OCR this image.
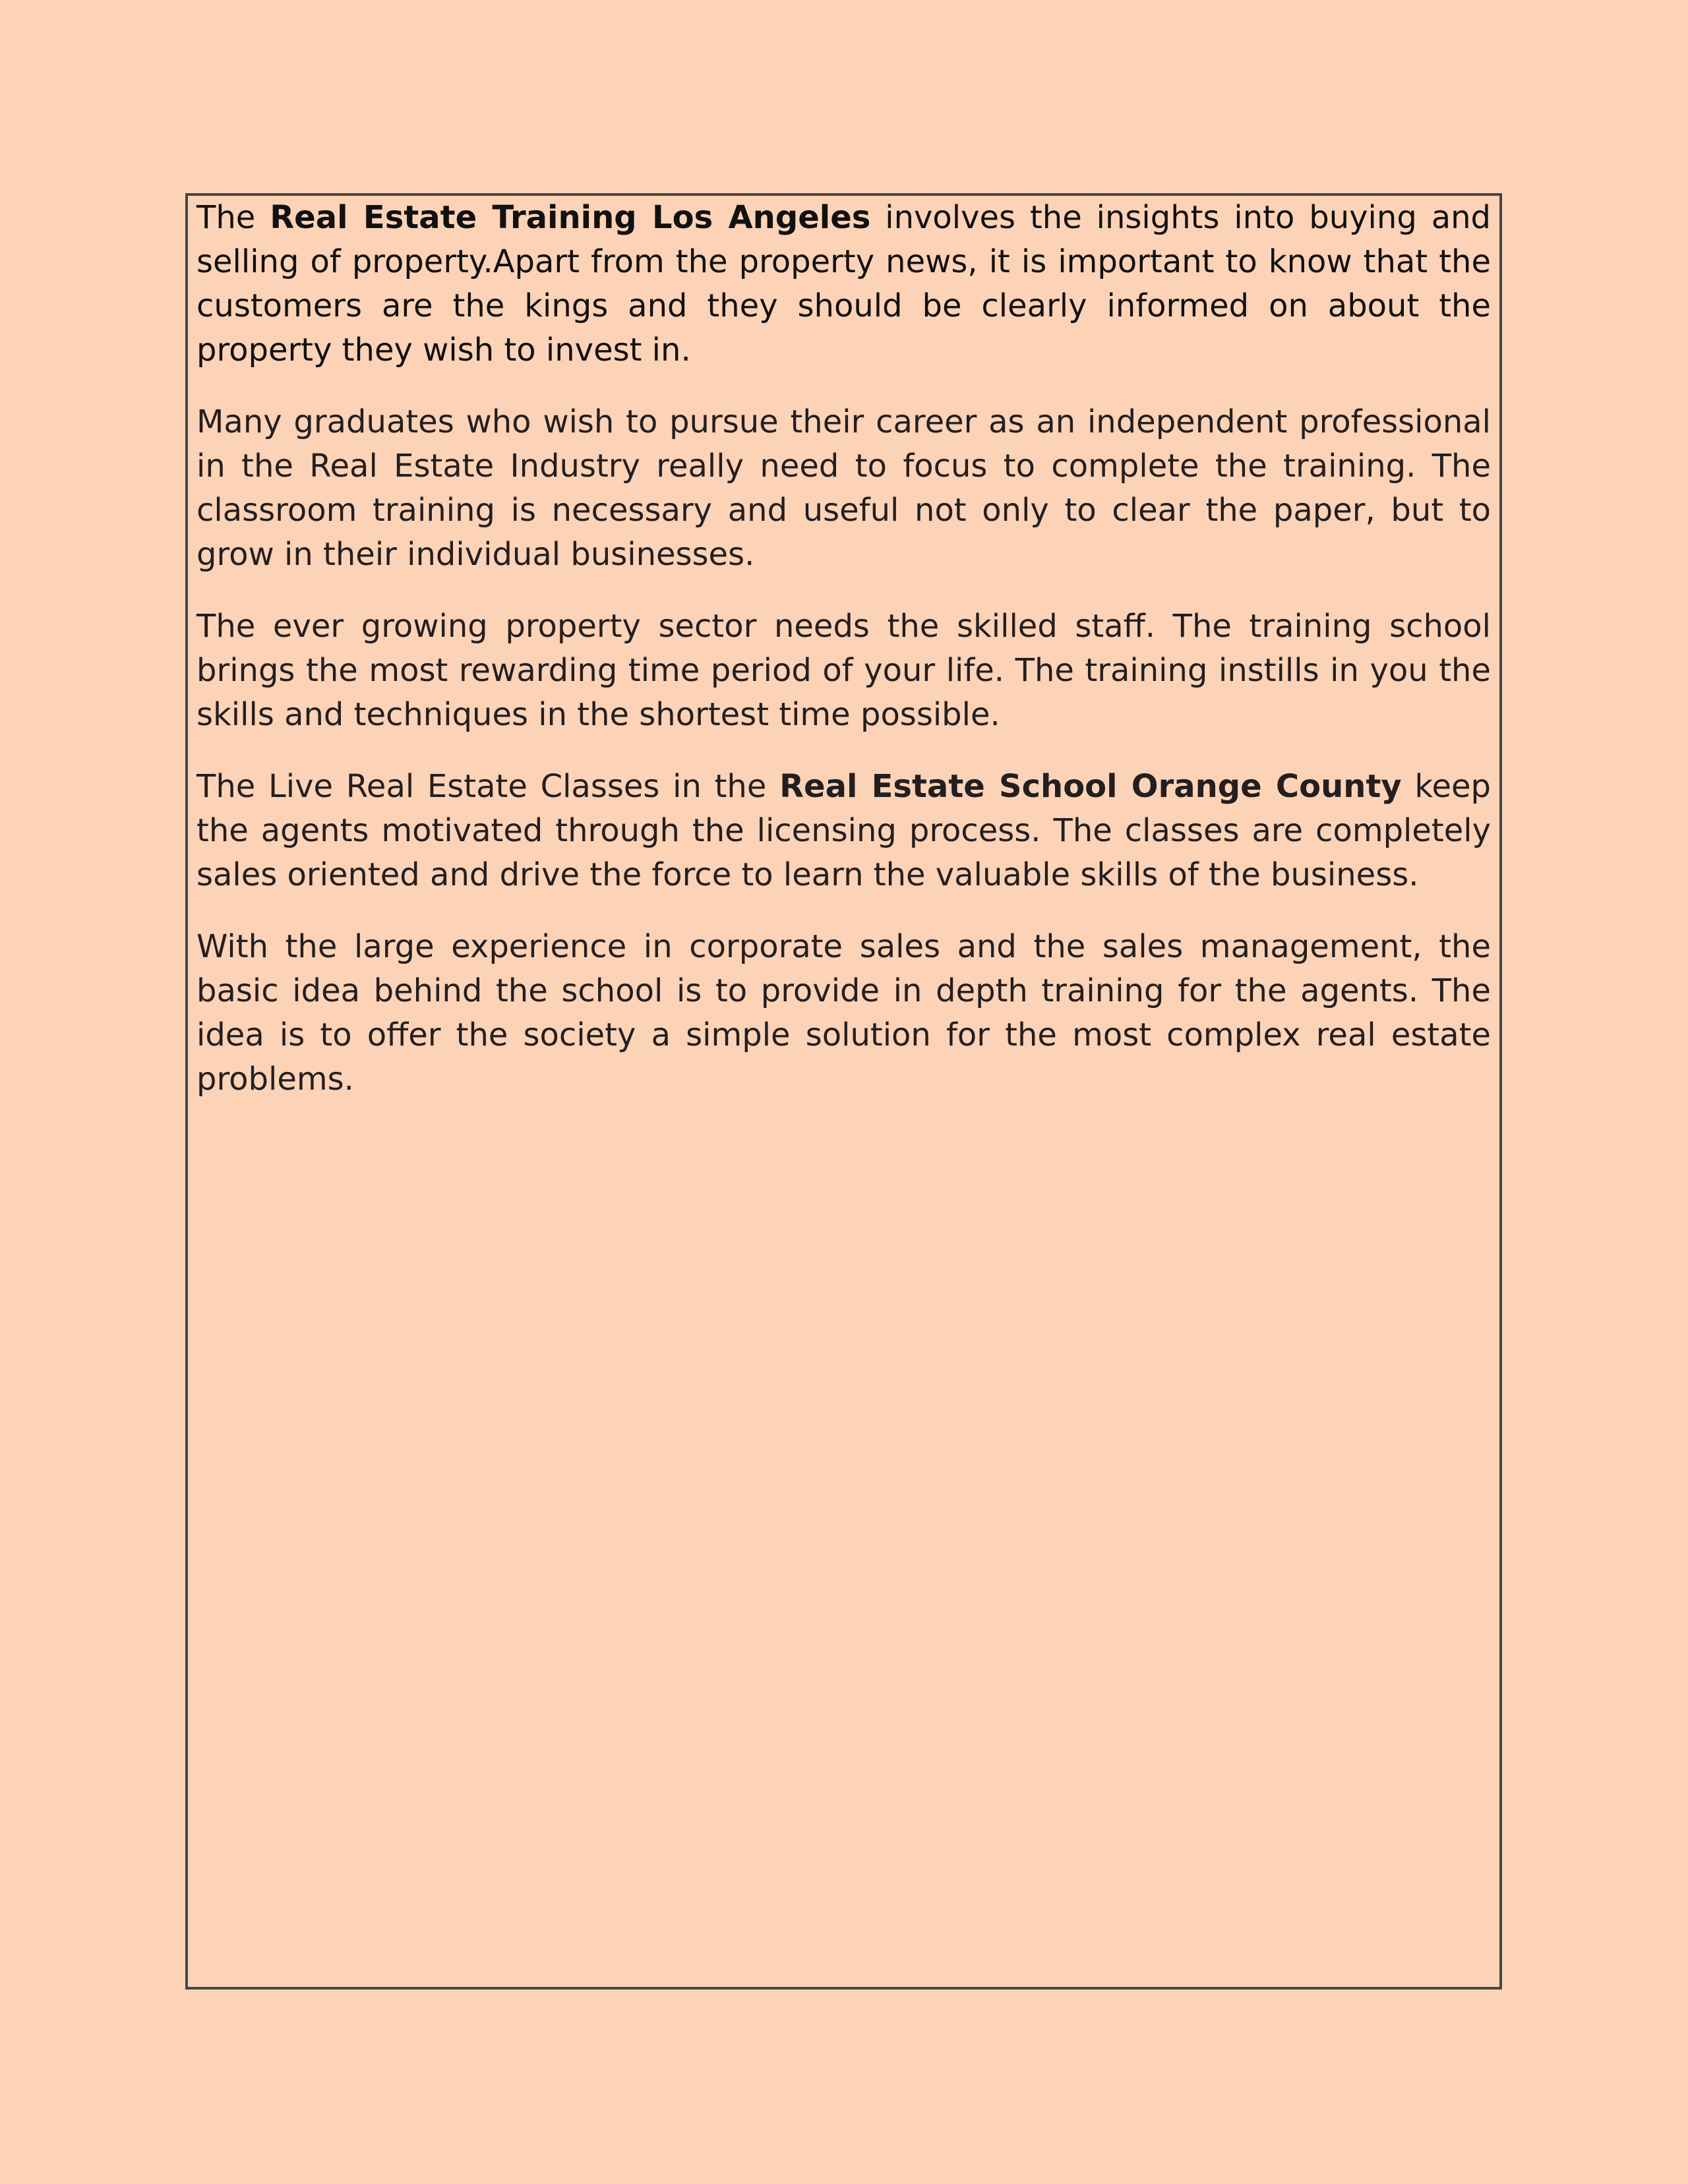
The Real Estate Training Los Angeles involves the insights into buying and selling of property.Apart from the property news, it is important to know that the customers are the kings and they should be clearly informed on about the property they wish to invest in.

Many graduates who wish to pursue their career as an independent professional in the Real Estate Industry really need to focus to complete the training. The classroom training is necessary and useful not only to clear the paper, but to grow in their individual businesses.

The ever growing property sector needs the skilled staff. The training school brings the most rewarding time period of your life. The training instills in you the skills and techniques in the shortest time possible.

The Live Real Estate Classes in the Real Estate School Orange County keep the agents motivated through the licensing process. The classes are completely sales oriented and drive the force to learn the valuable skills of the business.

With the large experience in corporate sales and the sales management, the basic idea behind the school is to provide in depth training for the agents. The idea is to offer the society a simple solution for the most complex real estate problems.
